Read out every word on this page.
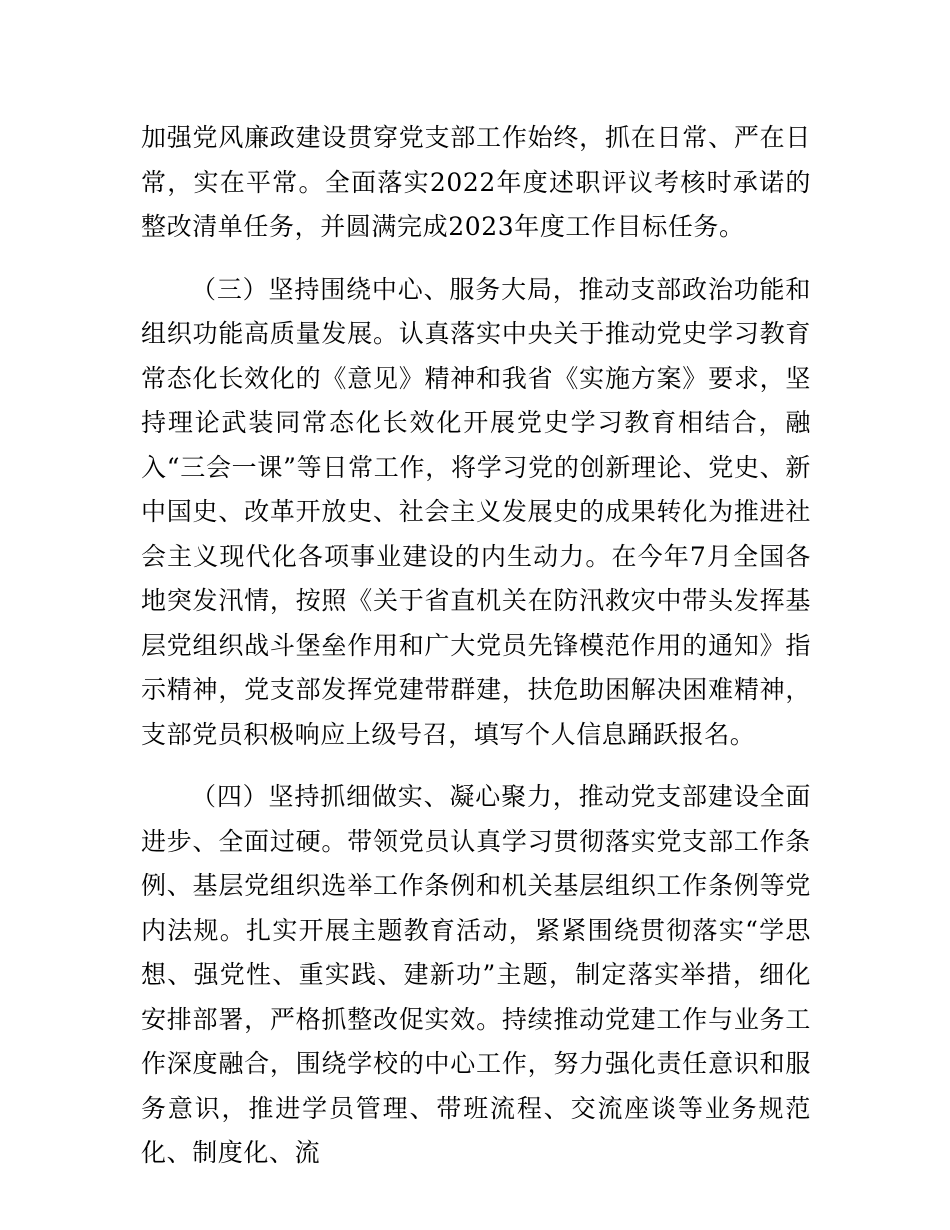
加强党风廉政建设贯穿党支部工作始终，抓在日常、严在日常，实在平常。全面落实2022年度述职评议考核时承诺的整改清单任务，并圆满完成2023年度工作目标任务。

（三）坚持围绕中心、服务大局，推动支部政治功能和组织功能高质量发展。认真落实中央关于推动党史学习教育常态化长效化的《意见》精神和我省《实施方案》要求，坚持理论武装同常态化长效化开展党史学习教育相结合，融入“三会一课”等日常工作，将学习党的创新理论、党史、新中国史、改革开放史、社会主义发展史的成果转化为推进社会主义现代化各项事业建设的内生动力。在今年7月全国各地突发汛情，按照《关于省直机关在防汛救灾中带头发挥基层党组织战斗堡垒作用和广大党员先锋模范作用的通知》指示精神，党支部发挥党建带群建，扶危助困解决困难精神，支部党员积极响应上级号召，填写个人信息踊跃报名。

（四）坚持抓细做实、凝心聚力，推动党支部建设全面进步、全面过硬。带领党员认真学习贯彻落实党支部工作条例、基层党组织选举工作条例和机关基层组织工作条例等党内法规。扎实开展主题教育活动，紧紧围绕贯彻落实“学思想、强党性、重实践、建新功”主题，制定落实举措，细化安排部署，严格抓整改促实效。持续推动党建工作与业务工作深度融合，围绕学校的中心工作，努力强化责任意识和服务意识，推进学员管理、带班流程、交流座谈等业务规范化、制度化、流
